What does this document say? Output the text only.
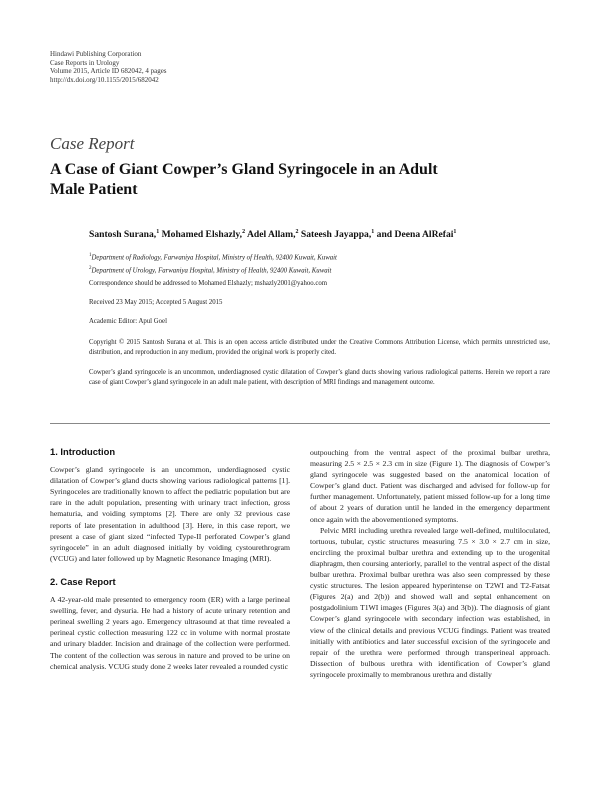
Hindawi Publishing Corporation
Case Reports in Urology
Volume 2015, Article ID 682042, 4 pages
http://dx.doi.org/10.1155/2015/682042
Case Report
A Case of Giant Cowper’s Gland Syringocele in an Adult Male Patient
Santosh Surana,$^1$ Mohamed Elshazly,$^2$ Adel Allam,$^2$ Sateesh Jayappa,$^1$ and Deena AlRefai$^1$
$^1$Department of Radiology, Farwaniya Hospital, Ministry of Health, 92400 Kuwait, Kuwait
$^2$Department of Urology, Farwaniya Hospital, Ministry of Health, 92400 Kuwait, Kuwait
Correspondence should be addressed to Mohamed Elshazly; mshazly2001@yahoo.com
Received 23 May 2015; Accepted 5 August 2015
Academic Editor: Apul Goel
Copyright © 2015 Santosh Surana et al. This is an open access article distributed under the Creative Commons Attribution License, which permits unrestricted use, distribution, and reproduction in any medium, provided the original work is properly cited.
Cowper’s gland syringocele is an uncommon, underdiagnosed cystic dilatation of Cowper’s gland ducts showing various radiological patterns. Herein we report a rare case of giant Cowper’s gland syringocele in an adult male patient, with description of MRI findings and management outcome.
1. Introduction

Cowper’s gland syringocele is an uncommon, underdiagnosed cystic dilatation of Cowper’s gland ducts showing various radiological patterns [1]. Syringoceles are traditionally known to affect the pediatric population but are rare in the adult population, presenting with urinary tract infection, gross hematuria, and voiding symptoms [2]. There are only 32 previous case reports of late presentation in adulthood [3]. Here, in this case report, we present a case of giant sized “infected Type-II perforated Cowper’s gland syringocele” in an adult diagnosed initially by voiding cystourethrogram (VCUG) and later followed up by Magnetic Resonance Imaging (MRI).

2. Case Report

A 42-year-old male presented to emergency room (ER) with a large perineal swelling, fever, and dysuria. He had a history of acute urinary retention and perineal swelling 2 years ago. Emergency ultrasound at that time revealed a perineal cystic collection measuring 122 cc in volume with normal prostate and urinary bladder. Incision and drainage of the collection were performed. The content of the collection was serous in nature and proved to be urine on chemical analysis. VCUG study done 2 weeks later revealed a rounded cystic

outpouching from the ventral aspect of the proximal bulbar urethra, measuring 2.5 × 2.5 × 2.3 cm in size (Figure 1). The diagnosis of Cowper’s gland syringocele was suggested based on the anatomical location of Cowper’s gland duct. Patient was discharged and advised for follow-up for further management. Unfortunately, patient missed follow-up for a long time of about 2 years of duration until he landed in the emergency department once again with the abovementioned symptoms.

Pelvic MRI including urethra revealed large well-defined, multiloculated, tortuous, tubular, cystic structures measuring 7.5 × 3.0 × 2.7 cm in size, encircling the proximal bulbar urethra and extending up to the urogenital diaphragm, then coursing anteriorly, parallel to the ventral aspect of the distal bulbar urethra. Proximal bulbar urethra was also seen compressed by these cystic structures. The lesion appeared hyperintense on T2WI and T2-Fatsat (Figures 2(a) and 2(b)) and showed wall and septal enhancement on postgadolinium T1WI images (Figures 3(a) and 3(b)). The diagnosis of giant Cowper’s gland syringocele with secondary infection was established, in view of the clinical details and previous VCUG findings. Patient was treated initially with antibiotics and later successful excision of the syringocele and repair of the urethra were performed through transperineal approach. Dissection of bulbous urethra with identification of Cowper’s gland syringocele proximally to membranous urethra and distally
